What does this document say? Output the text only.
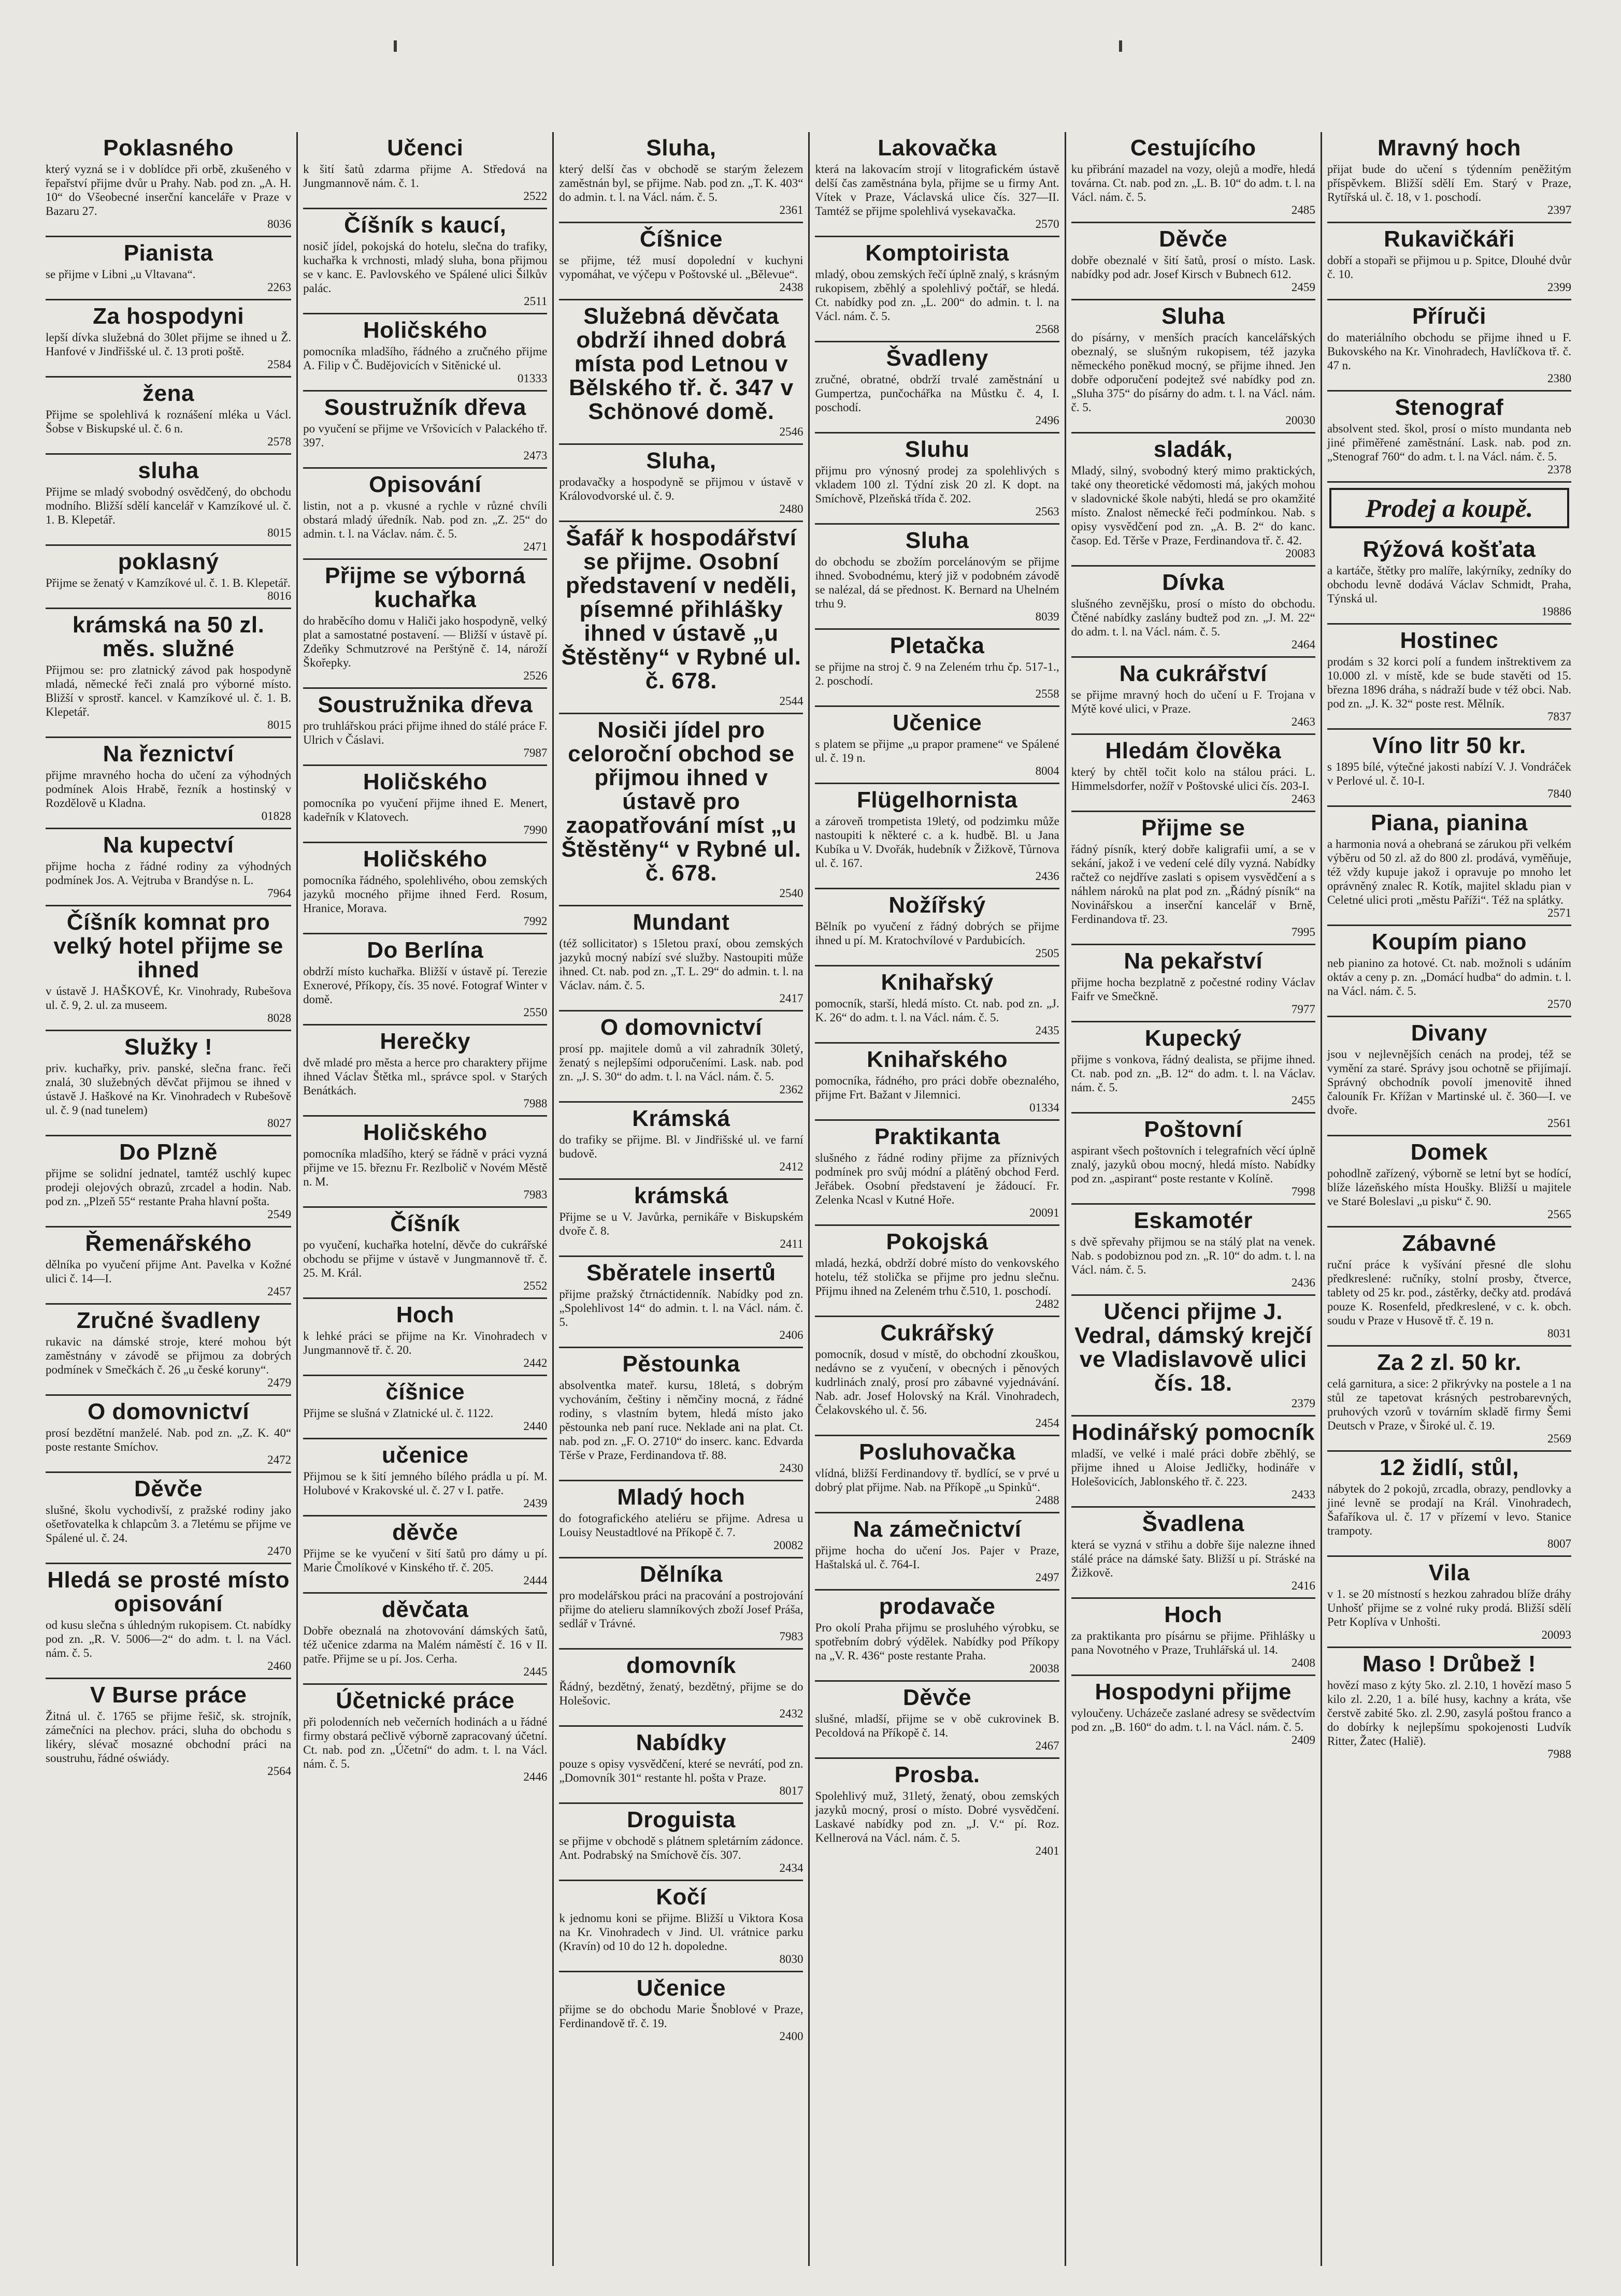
Poklasného
který vyzná se i v doblídce při orbě, zkušeného v řepařství přijme dvůr u Prahy. Nab. pod zn. „A. H. 10“ do Všeobecné inserční kanceláře v Praze v Bazaru 27.
8036
Pianista
se přijme v Libni „u Vltavana“.
2263
Za hospodyni
lepší dívka služebná do 30let přijme se ihned u Ž. Hanfové v Jindřišské ul. č. 13 proti poště.
2584
žena
Přijme se spolehlivá k roznášení mléka u Václ. Šobse v Biskupské ul. č. 6 n.
2578
sluha
Přijme se mladý svobodný osvědčený, do obchodu modního. Bližší sdělí kancelář v Kamzíkové ul. č. 1. B. Klepetář.
8015
poklasný
Přijme se ženatý v Kamzíkové ul. č. 1. B. Klepetář.
8016
krámská na 50 zl. měs. služné
Přijmou se: pro zlatnický závod pak hospodyně mladá, německé řeči znalá pro výborné místo. Bližší v sprostř. kancel. v Kamzíkové ul. č. 1. B. Klepetář.
8015
Na řeznictví
přijme mravného hocha do učení za výhodných podmínek Alois Hrabě, řezník a hostinský v Rozdělově u Kladna.
01828
Na kupectví
přijme hocha z řádné rodiny za výhodných podmínek Jos. A. Vejtruba v Brandýse n. L.
7964
Číšník komnat pro velký hotel přijme se ihned
v ústavě J. HAŠKOVÉ, Kr. Vinohrady, Rubešova ul. č. 9, 2. ul. za museem.
8028
Služky !
priv. kuchařky, priv. panské, slečna franc. řeči znalá, 30 služebných děvčat přijmou se ihned v ústavě J. Haškové na Kr. Vinohradech v Rubešově ul. č. 9 (nad tunelem)
8027
Do Plzně
přijme se solidní jednatel, tamtéž uschlý kupec prodeji olejových obrazů, zrcadel a hodin. Nab. pod zn. „Plzeň 55“ restante Praha hlavní pošta.
2549
Řemenářského
dělníka po vyučení přijme Ant. Pavelka v Kožné ulici č. 14—I.
2457
Zručné švadleny
rukavic na dámské stroje, které mohou být zaměstnány v závodě se přijmou za dobrých podmínek v Smečkách č. 26 „u české koruny“.
2479
O domovnictví
prosí bezdětní manželé. Nab. pod zn. „Z. K. 40“ poste restante Smíchov.
2472
Děvče
slušné, školu vychodivší, z pražské rodiny jako ošetřovatelka k chlapcům 3. a 7letému se přijme ve Spálené ul. č. 24.
2470
Hledá se prosté místo opisování
od kusu slečna s úhledným rukopisem. Ct. nabídky pod zn. „R. V. 5006—2“ do adm. t. l. na Václ. nám. č. 5.
2460
V Burse práce
Žitná ul. č. 1765 se přijme řešič, sk. strojník, zámečníci na plechov. práci, sluha do obchodu s likéry, slévač mosazné obchodní práci na soustruhu, řádné oświády.
2564
Učenci
k šití šatů zdarma přijme A. Středová na Jungmannově nám. č. 1.
2522
Číšník s kaucí,
nosič jídel, pokojská do hotelu, slečna do trafiky, kuchařka k vrchnosti, mladý sluha, bona přijmou se v kanc. E. Pavlovského ve Spálené ulici Šilkův palác.
2511
Holičského
pomocníka mladšího, řádného a zručného přijme A. Filip v Č. Budějovicích v Sitěnické ul.
01333
Soustružník dřeva
po vyučení se přijme ve Vršovicích v Palackého tř. 397.
2473
Opisování
listin, not a p. vkusné a rychle v různé chvíli obstará mladý úředník. Nab. pod zn. „Z. 25“ do admin. t. l. na Václav. nám. č. 5.
2471
Přijme se výborná kuchařka
do hraběcího domu v Haliči jako hospodyně, velký plat a samostatné postavení. — Bližší v ústavě pí. Zdeňky Schmutzrové na Perštýně č. 14, nároží Škořepky.
2526
Soustružnika dřeva
pro truhlářskou práci přijme ihned do stálé práce F. Ulrich v Čáslavi.
7987
Holičského
pomocníka po vyučení přijme ihned E. Menert, kadeřník v Klatovech.
7990
Holičského
pomocníka řádného, spolehlivého, obou zemských jazyků mocného přijme ihned Ferd. Rosum, Hranice, Morava.
7992
Do Berlína
obdrží místo kuchařka. Bližší v ústavě pí. Terezie Exnerové, Příkopy, čís. 35 nové. Fotograf Winter v domě.
2550
Herečky
dvě mladé pro města a herce pro charaktery přijme ihned Václav Štětka ml., správce spol. v Starých Benátkách.
7988
Holičského
pomocníka mladšího, který se řádně v práci vyzná přijme ve 15. březnu Fr. Rezlbolič v Novém Městě n. M.
7983
Číšník
po vyučení, kuchařka hotelní, děvče do cukrářské obchodu se přijme v ústavě v Jungmannově tř. č. 25. M. Král.
2552
Hoch
k lehké práci se přijme na Kr. Vinohradech v Jungmannově tř. č. 20.
2442
číšnice
Přijme se slušná v Zlatnické ul. č. 1122.
2440
učenice
Přijmou se k šití jemného bílého prádla u pí. M. Holubové v Krakovské ul. č. 27 v I. patře.
2439
děvče
Přijme se ke vyučení v šití šatů pro dámy u pí. Marie Čmolíkové v Kinského tř. č. 205.
2444
děvčata
Dobře obeznalá na zhotovování dámských šatů, též učenice zdarma na Malém náměstí č. 16 v II. patře. Přijme se u pí. Jos. Cerha.
2445
Účetnické práce
při polodenních neb večerních hodinách a u řádné firmy obstará pečlivě výborně zapracovaný účetní. Ct. nab. pod zn. „Účetní“ do adm. t. l. na Václ. nám. č. 5.
2446
Sluha,
který delší čas v obchodě se starým železem zaměstnán byl, se přijme. Nab. pod zn. „T. K. 403“ do admin. t. l. na Václ. nám. č. 5.
2361
Číšnice
se přijme, též musí dopolední v kuchyni vypomáhat, ve výčepu v Poštovské ul. „Bělevue“.
2438
Služebná děvčata obdrží ihned dobrá místa pod Letnou v Bělského tř. č. 347 v Schönové domě.
2546
Sluha,
prodavačky a hospodyně se přijmou v ústavě v Královodvorské ul. č. 9.
2480
Šafář k hospodářství se přijme. Osobní představení v neděli, písemné přihlášky ihned v ústavě „u Štěstěny“ v Rybné ul. č. 678.
2544
Nosiči jídel pro celoroční obchod se přijmou ihned v ústavě pro zaopatřování míst „u Štěstěny“ v Rybné ul. č. 678.
2540
Mundant
(též sollicitator) s 15letou praxí, obou zemských jazyků mocný nabízí své služby. Nastoupiti může ihned. Ct. nab. pod zn. „T. L. 29“ do admin. t. l. na Václav. nám. č. 5.
2417
O domovnictví
prosí pp. majitele domů a vil zahradník 30letý, ženatý s nejlepšími odporučeními. Lask. nab. pod zn. „J. S. 30“ do adm. t. l. na Václ. nám. č. 5.
2362
Krámská
do trafiky se přijme. Bl. v Jindřišské ul. ve farní budově.
2412
krámská
Přijme se u V. Javůrka, pernikáře v Biskupském dvoře č. 8.
2411
Sběratele insertů
přijme pražský čtrnáctidenník. Nabídky pod zn. „Spolehlivost 14“ do admin. t. l. na Václ. nám. č. 5.
2406
Pěstounka
absolventka mateř. kursu, 18letá, s dobrým vychováním, češtiny i němčiny mocná, z řádné rodiny, s vlastním bytem, hledá místo jako pěstounka neb paní ruce. Neklade ani na plat. Ct. nab. pod zn. „F. O. 2710“ do inserc. kanc. Edvarda Těrše v Praze, Ferdinandova tř. 88.
2430
Mladý hoch
do fotografického ateliéru se přijme. Adresa u Louisy Neustadtlové na Příkopě č. 7.
20082
Dělníka
pro modelářskou práci na pracování a postrojování přijme do atelieru slamníkových zboží Josef Práša, sedlář v Trávné.
7983
domovník
Řádný, bezdětný, ženatý, bezdětný, přijme se do Holešovic.
2432
Nabídky
pouze s opisy vysvědčení, které se nevrátí, pod zn. „Domovník 301“ restante hl. pošta v Praze.
8017
Droguista
se přijme v obchodě s plátnem spletárním zádonce. Ant. Podrabský na Smíchově čís. 307.
2434
Kočí
k jednomu koni se přijme. Bližší u Viktora Kosa na Kr. Vinohradech v Jind. Ul. vrátnice parku (Kravín) od 10 do 12 h. dopoledne.
8030
Učenice
přijme se do obchodu Marie Šnoblové v Praze, Ferdinandově tř. č. 19.
2400
Lakovačka
která na lakovacím strojí v litografickém ústavě delší čas zaměstnána byla, přijme se u firmy Ant. Vítek v Praze, Václavská ulice čís. 327—II. Tamtéž se přijme spolehlivá vysekavačka.
2570
Komptoirista
mladý, obou zemských řečí úplně znalý, s krásným rukopisem, zběhlý a spolehlivý počtář, se hledá. Ct. nabídky pod zn. „L. 200“ do admin. t. l. na Václ. nám. č. 5.
2568
Švadleny
zručné, obratné, obdrží trvalé zaměstnání u Gumpertza, punčochářka na Můstku č. 4, I. poschodí.
2496
Sluhu
přijmu pro výnosný prodej za spolehlivých s vkladem 100 zl. Týdní zisk 20 zl. K dopt. na Smíchově, Plzeňská třída č. 202.
2563
Sluha
do obchodu se zbožím porcelánovým se přijme ihned. Svobodnému, který již v podobném závodě se nalézal, dá se přednost. K. Bernard na Uhelném trhu 9.
8039
Pletačka
se přijme na stroj č. 9 na Zeleném trhu čp. 517-1., 2. poschodí.
2558
Učenice
s platem se přijme „u prapor pramene“ ve Spálené ul. č. 19 n.
8004
Flügelhornista
a zároveň trompetista 19letý, od podzimku může nastoupiti k některé c. a k. hudbě. Bl. u Jana Kubíka u V. Dvořák, hudebník v Žižkově, Tůrnova ul. č. 167.
2436
Nožířský
Bělník po vyučení z řádný dobrých se přijme ihned u pí. M. Kratochvílové v Pardubicích.
2505
Knihařský
pomocník, starší, hledá místo. Ct. nab. pod zn. „J. K. 26“ do adm. t. l. na Václ. nám. č. 5.
2435
Knihařského
pomocníka, řádného, pro práci dobře obeznalého, přijme Frt. Bažant v Jilemnici.
01334
Praktikanta
slušného z řádné rodiny přijme za příznivých podmínek pro svůj módní a plátěný obchod Ferd. Jeřábek. Osobní představení je žádoucí. Fr. Zelenka Ncasl v Kutné Hoře.
20091
Pokojská
mladá, hezká, obdrží dobré místo do venkovského hotelu, též stolička se přijme pro jednu slečnu. Přijmu ihned na Zeleném trhu č.510, 1. poschodí.
2482
Cukrářský
pomocník, dosud v místě, do obchodní zkouškou, nedávno se z vyučení, v obecných i pěnových kudrlinách znalý, prosí pro zábavné vyjednávání. Nab. adr. Josef Holovský na Král. Vinohradech, Čelakovského ul. č. 56.
2454
Posluhovačka
vlídná, bližší Ferdinandovy tř. bydlící, se v prvé u dobrý plat přijme. Nab. na Příkopě „u Spinků“.
2488
Na zámečnictví
přijme hocha do učení Jos. Pajer v Praze, Haštalská ul. č. 764-I.
2497
prodavače
Pro okolí Praha přijmu se prosluhého výrobku, se spotřebním dobrý výdělek. Nabídky pod Příkopy na „V. R. 436“ poste restante Praha.
20038
Děvče
slušné, mladší, přijme se v obě cukrovinek B. Pecoldová na Příkopě č. 14.
2467
Prosba.
Spolehlivý muž, 31letý, ženatý, obou zemských jazyků mocný, prosí o místo. Dobré vysvědčení. Laskavé nabídky pod zn. „J. V.“ pí. Roz. Kellnerová na Václ. nám. č. 5.
2401
Cestujícího
ku přibrání mazadel na vozy, olejů a modře, hledá továrna. Ct. nab. pod zn. „L. B. 10“ do adm. t. l. na Václ. nám. č. 5.
2485
Děvče
dobře obeznalé v šití šatů, prosí o místo. Lask. nabídky pod adr. Josef Kirsch v Bubnech 612.
2459
Sluha
do písárny, v menších pracích kancelářských obeznalý, se slušným rukopisem, též jazyka německého poněkud mocný, se přijme ihned. Jen dobře odporučení podejtež své nabídky pod zn. „Sluha 375“ do písárny do adm. t. l. na Václ. nám. č. 5.
20030
sladák,
Mladý, silný, svobodný který mimo praktických, také ony theoretické vědomosti má, jakých mohou v sladovnické škole nabýti, hledá se pro okamžité místo. Znalost německé řeči podmínkou. Nab. s opisy vysvědčení pod zn. „A. B. 2“ do kanc. časop. Ed. Těrše v Praze, Ferdinandova tř. č. 42.
20083
Dívka
slušného zevnějšku, prosí o místo do obchodu. Čtěné nabídky zaslány budtež pod zn. „J. M. 22“ do adm. t. l. na Václ. nám. č. 5.
2464
Na cukrářství
se přijme mravný hoch do učení u F. Trojana v Mýtě kové ulici, v Praze.
2463
Hledám člověka
který by chtěl točit kolo na stálou práci. L. Himmelsdorfer, nožíř v Poštovské ulici čís. 203-I.
2463
Přijme se
řádný písník, který dobře kaligrafii umí, a se v sekání, jakož i ve vedení celé díly vyzná. Nabídky račtež co nejdříve zaslati s opisem vysvědčení a s náhlem nároků na plat pod zn. „Řádný písník“ na Novinářskou a inserční kancelář v Brně, Ferdinandova tř. 23.
7995
Na pekařství
přijme hocha bezplatně z počestné rodiny Václav Faifr ve Smečkně.
7977
Kupecký
přijme s vonkova, řádný dealista, se přijme ihned. Ct. nab. pod zn. „B. 12“ do adm. t. l. na Václav. nám. č. 5.
2455
Poštovní
aspirant všech poštovních i telegrafních věcí úplně znalý, jazyků obou mocný, hledá místo. Nabídky pod zn. „aspirant“ poste restante v Kolíně.
7998
Eskamotér
s dvě spřevahy přijmou se na stálý plat na venek. Nab. s podobiznou pod zn. „R. 10“ do adm. t. l. na Václ. nám. č. 5.
2436
Učenci přijme J. Vedral, dámský krejčí ve Vladislavově ulici čís. 18.
2379
Hodinářský pomocník
mladší, ve velké i malé práci dobře zběhlý, se přijme ihned u Aloise Jedličky, hodináře v Holešovicích, Jablonského tř. č. 223.
2433
Švadlena
která se vyzná v střihu a dobře šije nalezne ihned stálé práce na dámské šaty. Bližší u pí. Stráské na Žižkově.
2416
Hoch
za praktikanta pro písárnu se přijme. Přihlášky u pana Novotného v Praze, Truhlářská ul. 14.
2408
Hospodyni přijme
vyloučeny. Ucházeče zaslané adresy se svědectvím pod zn. „B. 160“ do adm. t. l. na Václ. nám. č. 5.
2409
Mravný hoch
přijat bude do učení s týdenním peněžitým příspěvkem. Bližší sdělí Em. Starý v Praze, Rytířská ul. č. 18, v 1. poschodí.
2397
Rukavičkáři
dobří a stopaři se přijmou u p. Spitce, Dlouhé dvůr č. 10.
2399
Příruči
do materiálního obchodu se přijme ihned u F. Bukovského na Kr. Vinohradech, Havlíčkova tř. č. 47 n.
2380
Stenograf
absolvent sted. škol, prosí o místo mundanta neb jiné přiměřené zaměstnání. Lask. nab. pod zn. „Stenograf 760“ do adm. t. l. na Václ. nám. č. 5.
2378
Prodej a koupě.
Rýžová košťata
a kartáče, štětky pro malíře, lakýrníky, zedníky do obchodu levně dodává Václav Schmidt, Praha, Týnská ul.
19886
Hostinec
prodám s 32 korci polí a fundem inštrektivem za 10.000 zl. v místě, kde se bude stavěti od 15. března 1896 dráha, s nádraží bude v též obci. Nab. pod zn. „J. K. 32“ poste rest. Mělník.
7837
Víno litr 50 kr.
s 1895 bílé, výtečné jakosti nabízí V. J. Vondráček v Perlové ul. č. 10-I.
7840
Piana, pianina
a harmonia nová a ohebraná se zárukou při velkém výběru od 50 zl. až do 800 zl. prodává, vyměňuje, též vždy kupuje jakož i opravuje po mnoho let oprávněný znalec R. Kotík, majitel skladu pian v Celetné ulici proti „městu Paříži“. Též na splátky.
2571
Koupím piano
neb pianino za hotové. Ct. nab. možnoli s udáním oktáv a ceny p. zn. „Domácí hudba“ do admin. t. l. na Václ. nám. č. 5.
2570
Divany
jsou v nejlevnějších cenách na prodej, též se vymění za staré. Správy jsou ochotně se přijímají. Správný obchodník povolí jmenovitě ihned čalouník Fr. Křížan v Martinské ul. č. 360—I. ve dvoře.
2561
Domek
pohodlně zařízený, výborně se letní byt se hodící, blíže lázeňského místa Houšky. Bližší u majitele ve Staré Boleslavi „u pisku“ č. 90.
2565
Zábavné
ruční práce k vyšívání přesné dle slohu předkreslené: ručníky, stolní prosby, čtverce, tablety od 25 kr. pod., zástěrky, dečky atd. prodává pouze K. Rosenfeld, předkreslené, v c. k. obch. soudu v Praze v Husově tř. č. 19 n.
8031
Za 2 zl. 50 kr.
celá garnitura, a sice: 2 přikrývky na postele a 1 na stůl ze tapetovat krásných pestrobarevných, pruhových vzorů v továrním skladě firmy Šemi Deutsch v Praze, v Široké ul. č. 19.
2569
12 židlí, stůl,
nábytek do 2 pokojů, zrcadla, obrazy, pendlovky a jiné levně se prodají na Král. Vinohradech, Šafaříkova ul. č. 17 v přízemí v levo. Stanice trampoty.
8007
Vila
v 1. se 20 místností s hezkou zahradou blíže dráhy Unhošť přijme se z volné ruky prodá. Bližší sdělí Petr Koplíva v Unhošti.
20093
Maso ! Drůbež !
hovězí maso z kýty 5ko. zl. 2.10, 1 hovězí maso 5 kilo zl. 2.20, 1 a. bílé husy, kachny a kráta, vše čerstvě zabité 5ko. zl. 2.90, zasylá poštou franco a do dobírky k nejlepšímu spokojenosti Ludvík Ritter, Žatec (Haliě).
7988
